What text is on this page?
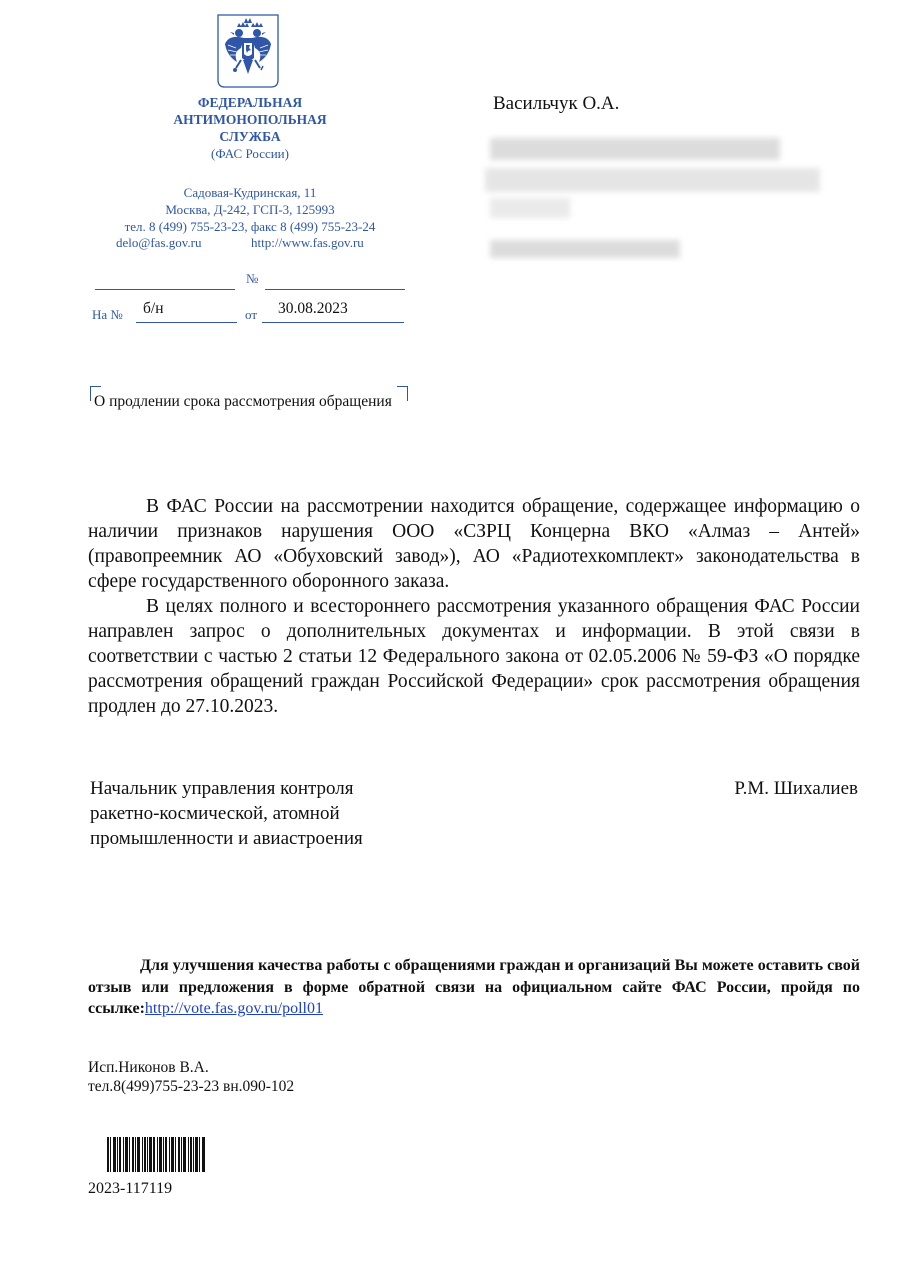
ФЕДЕРАЛЬНАЯ
АНТИМОНОПОЛЬНАЯ
СЛУЖБА
(ФАС России)
Садовая-Кудринская, 11
Москва, Д-242, ГСП-3, 125993
тел. 8 (499) 755-23-23, факс 8 (499) 755-23-24
delo@fas.gov.ru	http://www.fas.gov.ru
№
На № б/н	от 30.08.2023
Васильчук О.А.
О продлении срока рассмотрения обращения

В ФАС России на рассмотрении находится обращение, содержащее информацию о наличии признаков нарушения ООО «СЗРЦ Концерна ВКО «Алмаз – Антей» (правопреемник АО «Обуховский завод»), АО «Радиотехкомплект» законодательства в сфере государственного оборонного заказа.

В целях полного и всестороннего рассмотрения указанного обращения ФАС России направлен запрос о дополнительных документах и информации. В этой связи в соответствии с частью 2 статьи 12 Федерального закона от 02.05.2006 № 59-ФЗ «О порядке рассмотрения обращений граждан Российской Федерации» срок рассмотрения обращения продлен до 27.10.2023.

Начальник управления контроля
ракетно-космической, атомной
промышленности и авиастроения
Р.М. Шихалиев
Для улучшения качества работы с обращениями граждан и организаций Вы можете оставить свой отзыв или предложения в форме обратной связи на официальном сайте ФАС России, пройдя по ссылке:http://vote.fas.gov.ru/poll01
Исп.Никонов В.А.
тел.8(499)755-23-23 вн.090-102
2023-117119
